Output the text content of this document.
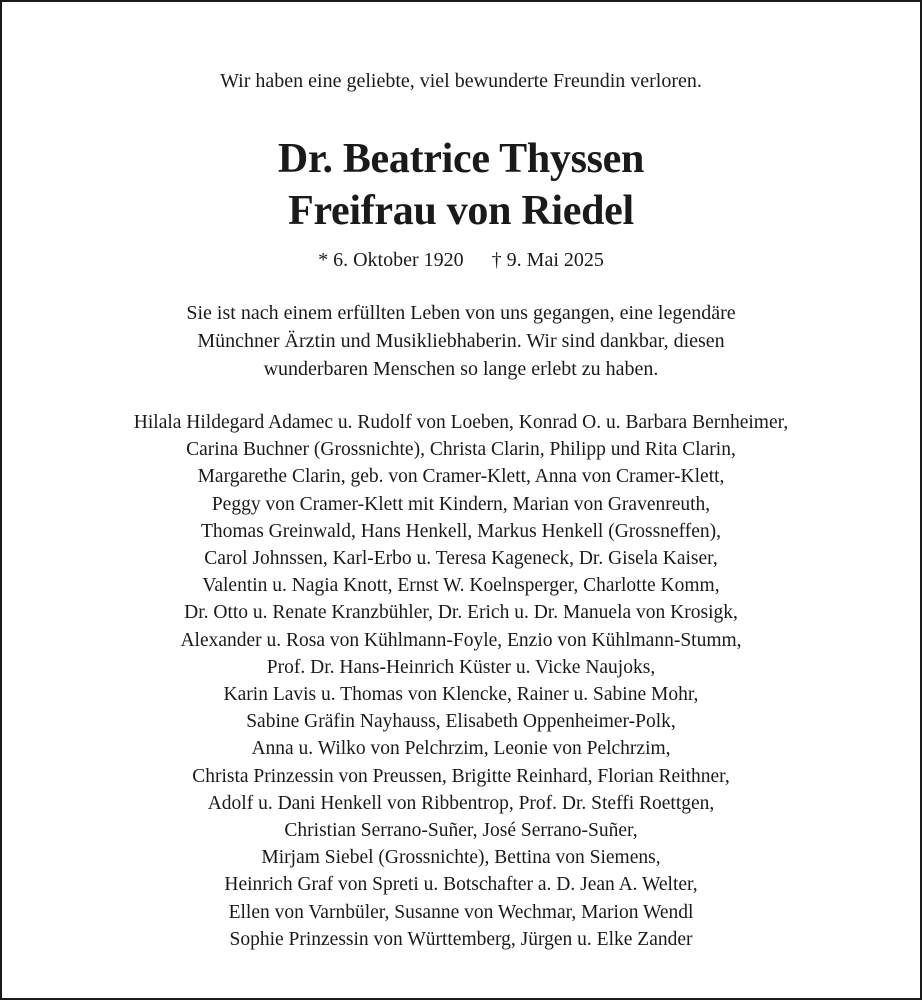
Wir haben eine geliebte, viel bewunderte Freundin verloren.
Dr. Beatrice Thyssen
Freifrau von Riedel
* 6. Oktober 1920 † 9. Mai 2025
Sie ist nach einem erfüllten Leben von uns gegangen, eine legendäre
Münchner Ärztin und Musikliebhaberin. Wir sind dankbar, diesen
wunderbaren Menschen so lange erlebt zu haben.
Hilala Hildegard Adamec u. Rudolf von Loeben, Konrad O. u. Barbara Bernheimer,
Carina Buchner (Grossnichte), Christa Clarin, Philipp und Rita Clarin,
Margarethe Clarin, geb. von Cramer-Klett, Anna von Cramer-Klett,
Peggy von Cramer-Klett mit Kindern, Marian von Gravenreuth,
Thomas Greinwald, Hans Henkell, Markus Henkell (Grossneffen),
Carol Johnssen, Karl-Erbo u. Teresa Kageneck, Dr. Gisela Kaiser,
Valentin u. Nagia Knott, Ernst W. Koelnsperger, Charlotte Komm,
Dr. Otto u. Renate Kranzbühler, Dr. Erich u. Dr. Manuela von Krosigk,
Alexander u. Rosa von Kühlmann-Foyle, Enzio von Kühlmann-Stumm,
Prof. Dr. Hans-Heinrich Küster u. Vicke Naujoks,
Karin Lavis u. Thomas von Klencke, Rainer u. Sabine Mohr,
Sabine Gräfin Nayhauss, Elisabeth Oppenheimer-Polk,
Anna u. Wilko von Pelchrzim, Leonie von Pelchrzim,
Christa Prinzessin von Preussen, Brigitte Reinhard, Florian Reithner,
Adolf u. Dani Henkell von Ribbentrop, Prof. Dr. Steffi Roettgen,
Christian Serrano-Suñer, José Serrano-Suñer,
Mirjam Siebel (Grossnichte), Bettina von Siemens,
Heinrich Graf von Spreti u. Botschafter a. D. Jean A. Welter,
Ellen von Varnbüler, Susanne von Wechmar, Marion Wendl
Sophie Prinzessin von Württemberg, Jürgen u. Elke Zander
